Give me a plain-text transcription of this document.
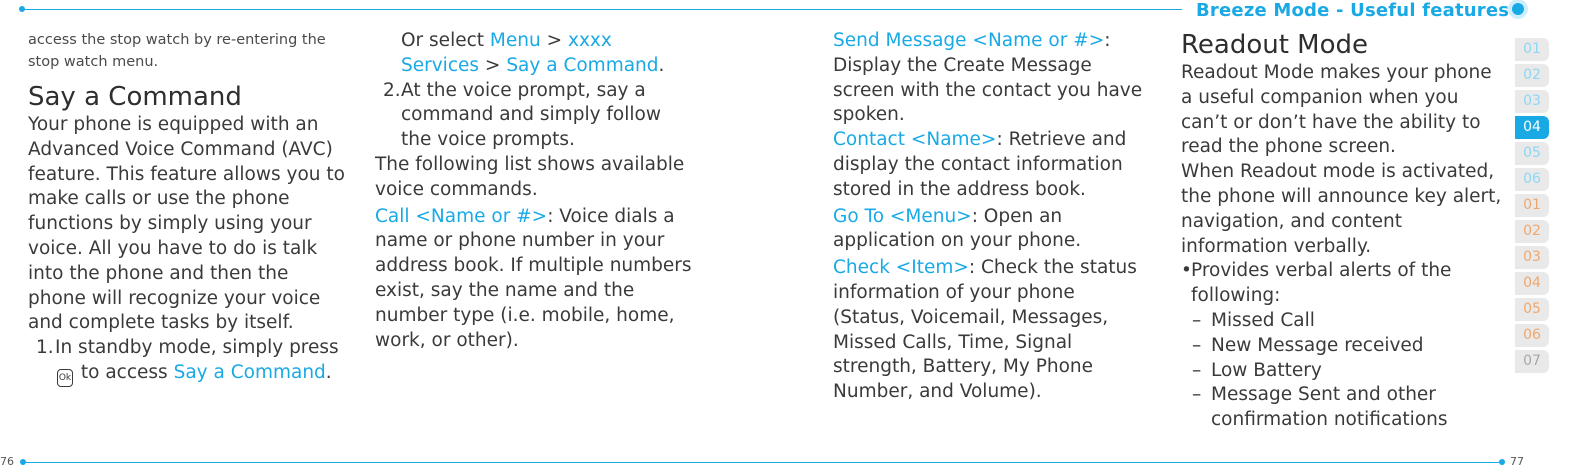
Breeze Mode - Useful features

access the stop watch by re-entering the stop watch menu.

Say a Command

Your phone is equipped with an Advanced Voice Command (AVC) feature. This feature allows you to make calls or use the phone functions by simply using your voice. All you have to do is talk into the phone and then the phone will recognize your voice and complete tasks by itself.

1. In standby mode, simply press Ok to access Say a Command.

Or select Menu > xxxx Services > Say a Command.

2. At the voice prompt, say a command and simply follow the voice prompts.

The following list shows available voice commands.

Call <Name or #>: Voice dials a name or phone number in your address book. If multiple numbers exist, say the name and the number type (i.e. mobile, home, work, or other).

Send Message <Name or #>: Display the Create Message screen with the contact you have spoken.

Contact <Name>: Retrieve and display the contact information stored in the address book.

Go To <Menu>: Open an application on your phone.

Check <Item>: Check the status information of your phone (Status, Voicemail, Messages, Missed Calls, Time, Signal strength, Battery, My Phone Number, and Volume).

Readout Mode

Readout Mode makes your phone a useful companion when you can’t or don’t have the ability to read the phone screen.

When Readout mode is activated, the phone will announce key alert, navigation, and content information verbally.

• Provides verbal alerts of the following:
– Missed Call
– New Message received
– Low Battery
– Message Sent and other confirmation notifications
01
02
03
04
05
06
01
02
03
04
05
06
07
76	77
